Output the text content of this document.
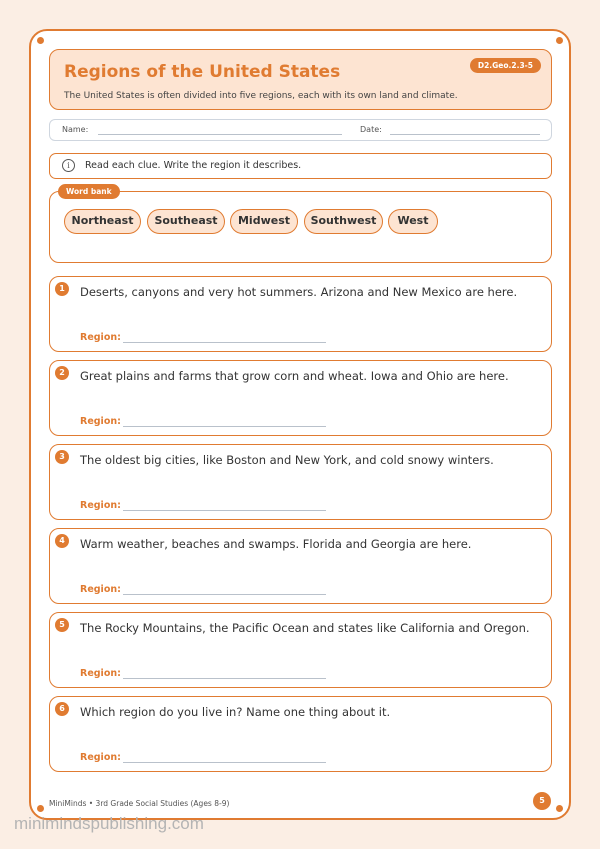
Regions of the United States	D2.Geo.2.3-5
The United States is often divided into five regions, each with its own land and climate.
Name:	Date:
i	Read each clue. Write the region it describes.
Word bank
Northeast	Southeast	Midwest	Southwest	West
1	Deserts, canyons and very hot summers. Arizona and New Mexico are here.
Region:
2	Great plains and farms that grow corn and wheat. Iowa and Ohio are here.
Region:
3	The oldest big cities, like Boston and New York, and cold snowy winters.
Region:
4	Warm weather, beaches and swamps. Florida and Georgia are here.
Region:
5	The Rocky Mountains, the Pacific Ocean and states like California and Oregon.
Region:
6	Which region do you live in? Name one thing about it.
Region:
MiniMinds • 3rd Grade Social Studies (Ages 8-9)	5
minimindspublishing.com
